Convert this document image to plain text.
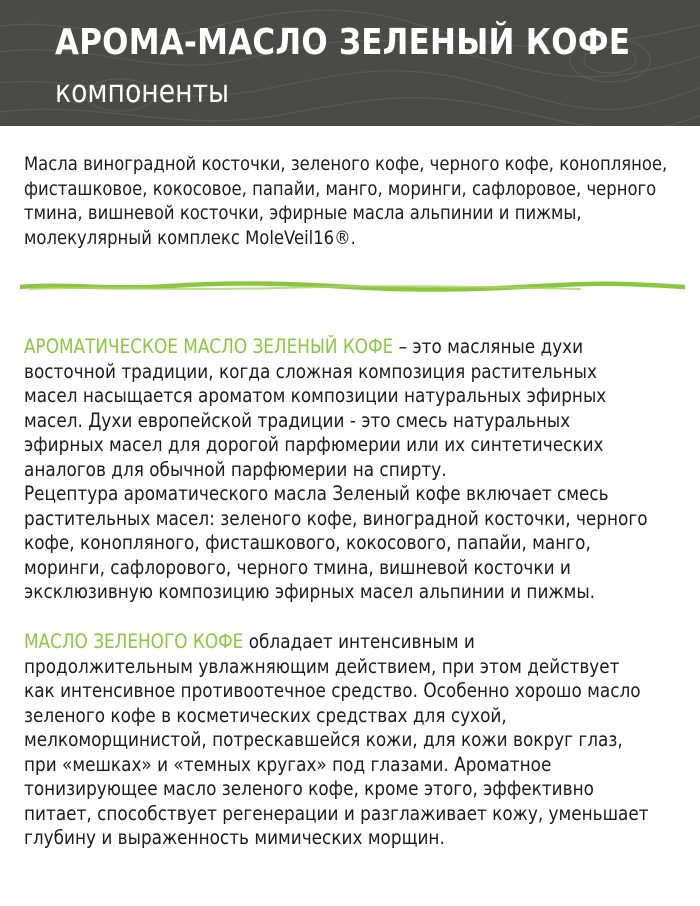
АРОМА-МАСЛО ЗЕЛЕНЫЙ КОФЕ
компоненты

Масла виноградной косточки, зеленого кофе, черного кофе, конопляное,

фисташковое, кокосовое, папайи, манго, моринги, сафлоровое, черного

тмина, вишневой косточки, эфирные масла альпинии и пижмы,

молекулярный комплекс MoleVeil16®.

АРОМАТИЧЕСКОЕ МАСЛО ЗЕЛЕНЫЙ КОФЕ – это масляные духи

восточной традиции, когда сложная композиция растительных

масел насыщается ароматом композиции натуральных эфирных

масел. Духи европейской традиции - это смесь натуральных

эфирных масел для дорогой парфюмерии или их синтетических

аналогов для обычной парфюмерии на спирту.

Рецептура ароматического масла Зеленый кофе включает смесь

растительных масел: зеленого кофе, виноградной косточки, черного

кофе, конопляного, фисташкового, кокосового, папайи, манго,

моринги, сафлорового, черного тмина, вишневой косточки и

эксклюзивную композицию эфирных масел альпинии и пижмы.

МАСЛО ЗЕЛЕНОГО КОФЕ обладает интенсивным и

продолжительным увлажняющим действием, при этом действует

как интенсивное противоотечное средство. Особенно хорошо масло

зеленого кофе в косметических средствах для сухой,

мелкоморщинистой, потрескавшейся кожи, для кожи вокруг глаз,

при «мешках» и «темных кругах» под глазами. Ароматное

тонизирующее масло зеленого кофе, кроме этого, эффективно

питает, способствует регенерации и разглаживает кожу, уменьшает

глубину и выраженность мимических морщин.
